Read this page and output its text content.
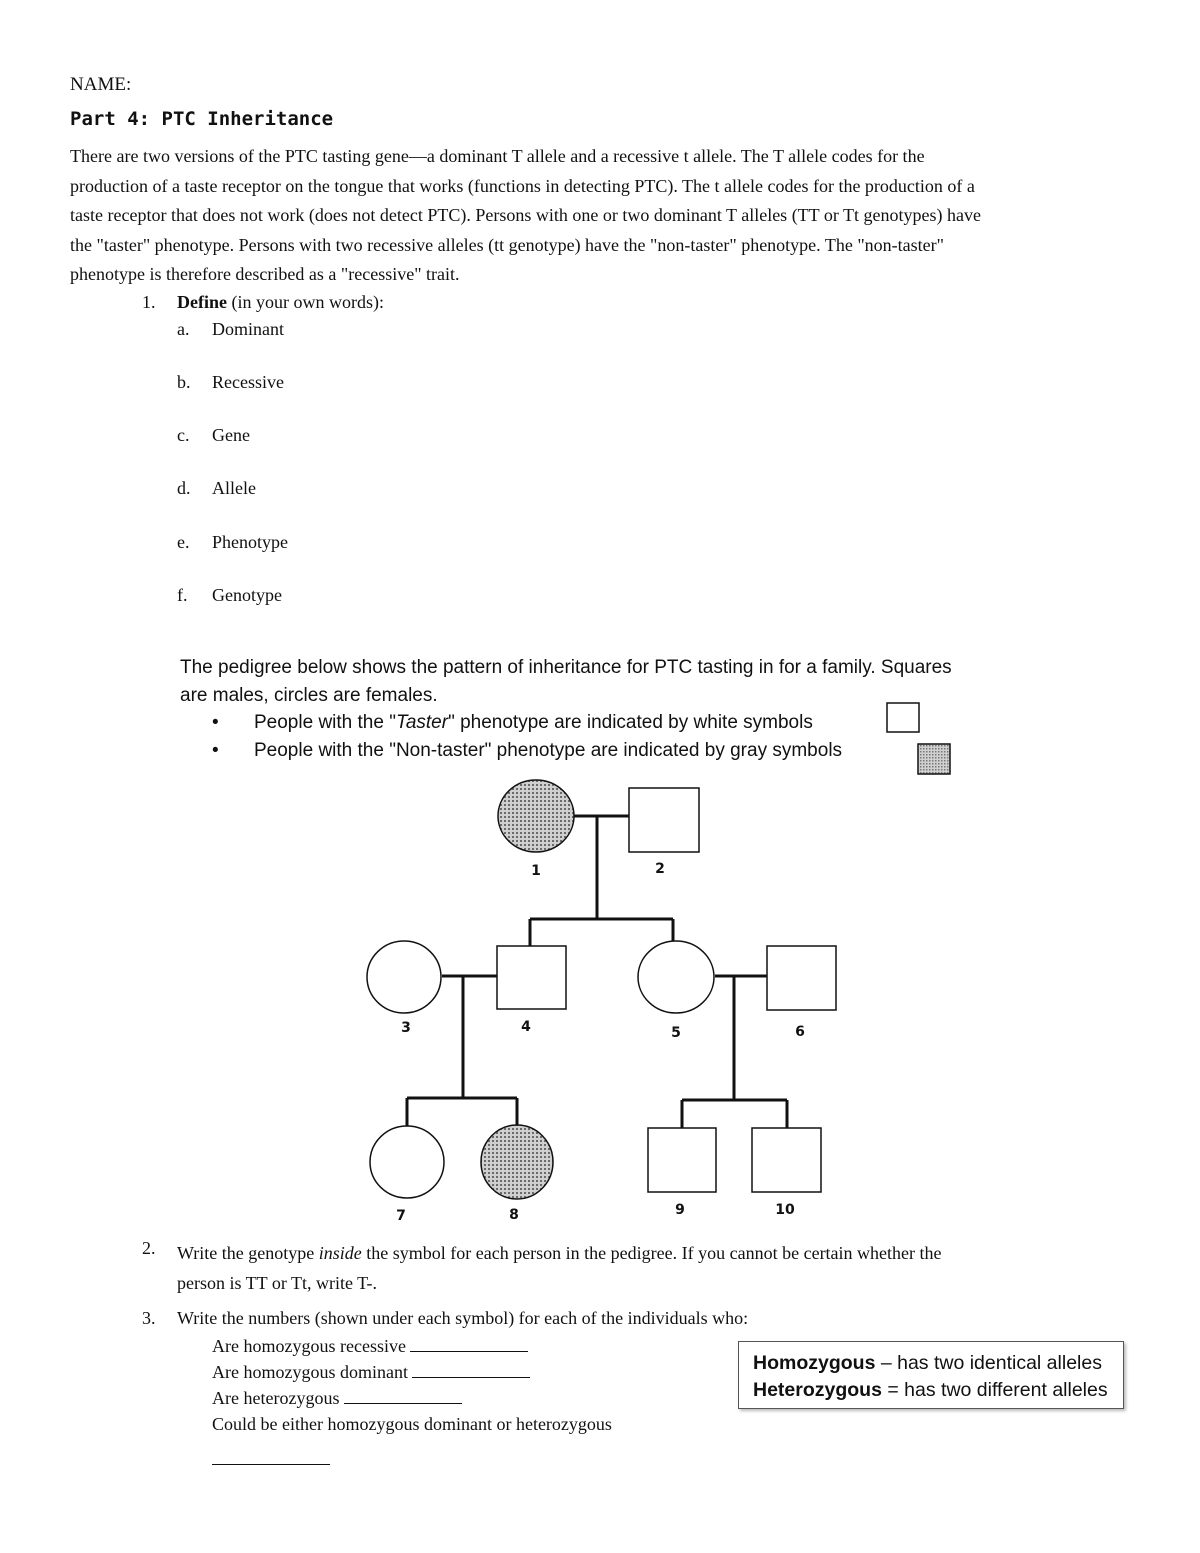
NAME:
Part 4: PTC Inheritance
There are two versions of the PTC tasting gene—a dominant T allele and a recessive t allele. The T allele codes for the
production of a taste receptor on the tongue that works (functions in detecting PTC). The t allele codes for the production of a
taste receptor that does not work (does not detect PTC). Persons with one or two dominant T alleles (TT or Tt genotypes) have
the "taster" phenotype. Persons with two recessive alleles (tt genotype) have the "non-taster" phenotype. The "non-taster"
phenotype is therefore described as a "recessive" trait.
1. Define (in your own words):
a. Dominant
b. Recessive
c. Gene
d. Allele
e. Phenotype
f. Genotype
The pedigree below shows the pattern of inheritance for PTC tasting in for a family. Squares
are males, circles are females.
• People with the "Taster" phenotype are indicated by white symbols
• People with the "Non-taster" phenotype are indicated by gray symbols
1	2
3	4	5	6
7	8	9	10
2. Write the genotype inside the symbol for each person in the pedigree. If you cannot be certain whether the
person is TT or Tt, write T-.
3. Write the numbers (shown under each symbol) for each of the individuals who:
Are homozygous recessive
Are homozygous dominant
Are heterozygous
Could be either homozygous dominant or heterozygous
Homozygous – has two identical alleles
Heterozygous = has two different alleles
